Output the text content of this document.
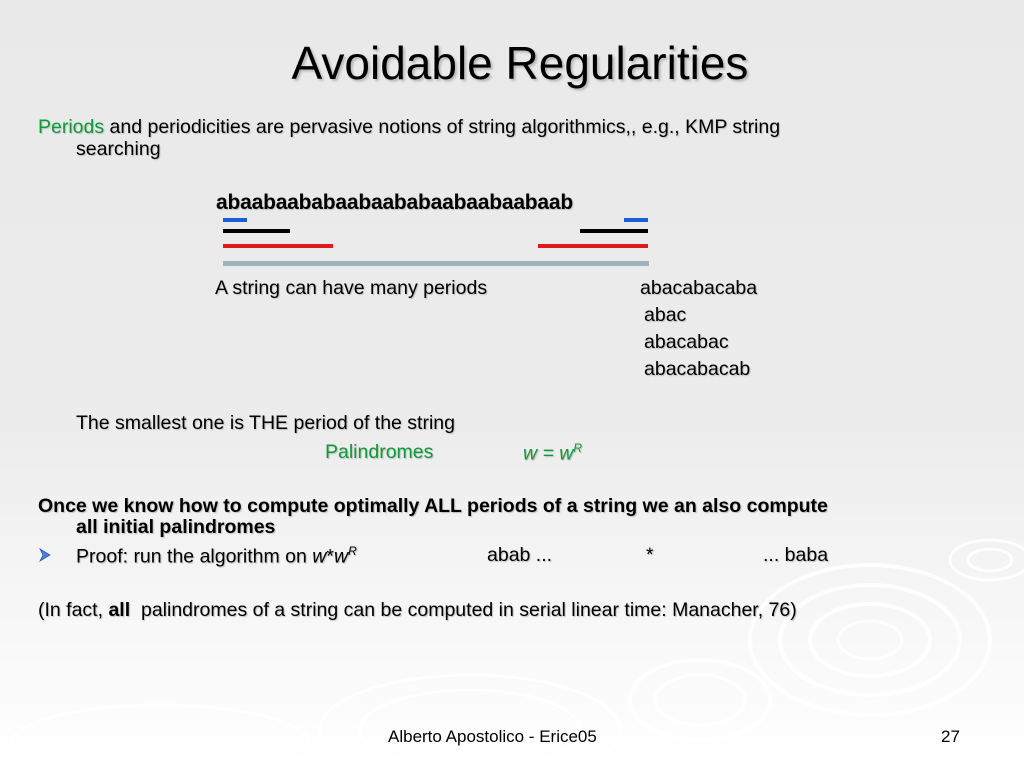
Avoidable Regularities
Periods and periodicities are pervasive notions of string algorithmics,, e.g., KMP string
searching
abaabaababaabaababaabaabaabaab
A string can have many periods	abacabacaba
abac
abacabac
abacabacab
The smallest one is THE period of the string
Palindromes	$w = w^R$
Once we know how to compute optimally ALL periods of a string we an also compute
all initial palindromes
Proof: run the algorithm on $w*w^R$	abab ...	*	... baba
(In fact, all  palindromes of a string can be computed in serial linear time: Manacher, 76)
Alberto Apostolico - Erice05	27
